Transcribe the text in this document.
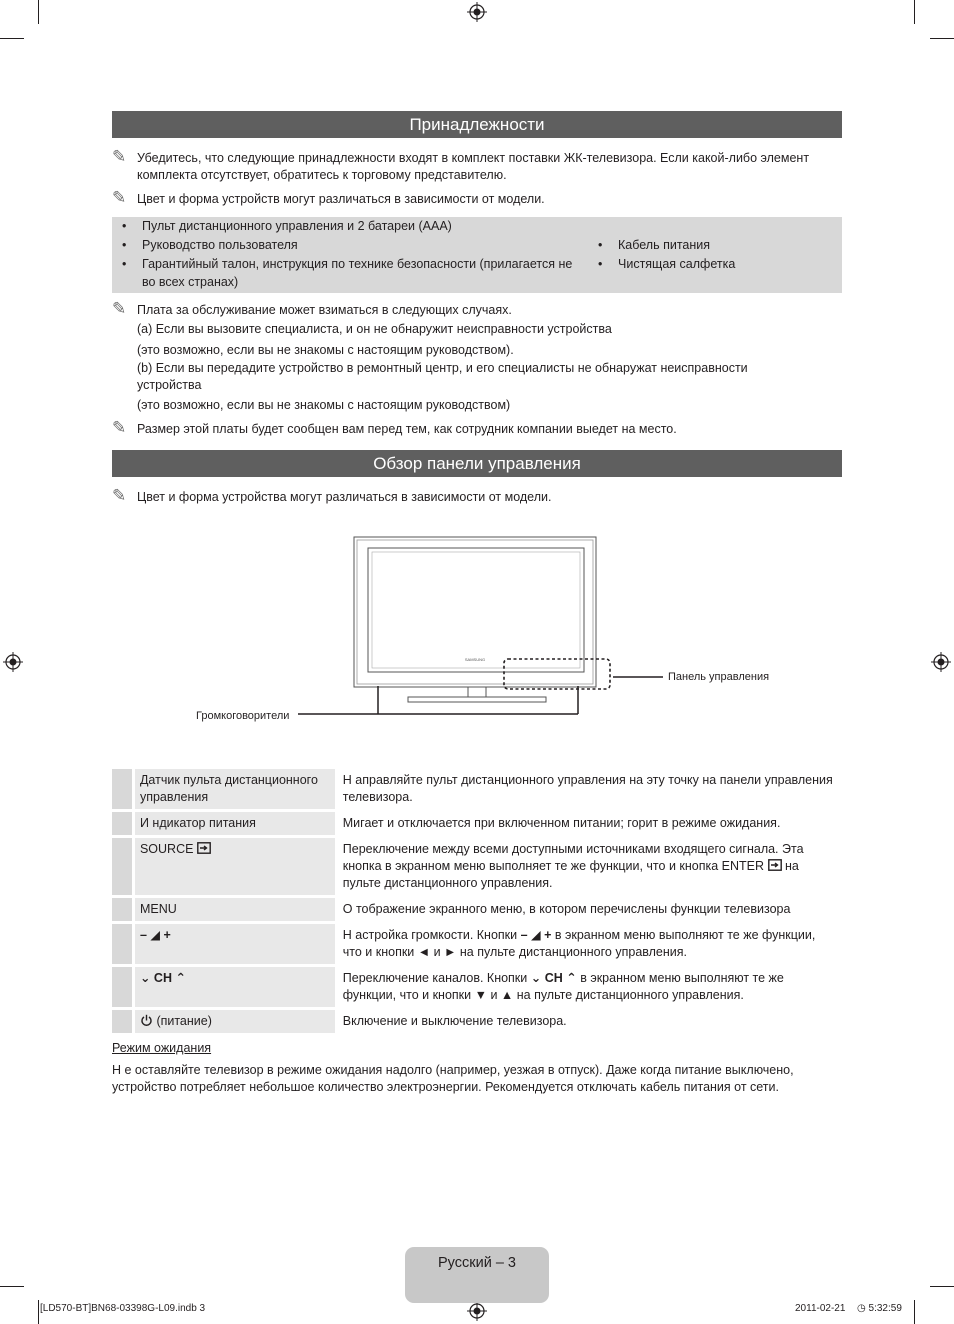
Принадлежности
✎ Убедитесь, что следующие принадлежности входят в комплект поставки ЖК-телевизора. Если какой-либо элемент комплекта отсутствует, обратитесь к торговому представителю.
✎ Цвет и форма устройств могут различаться в зависимости от модели.
• Пульт дистанционного управления и 2 батареи (AAA)
• Руководство пользователя
• Гарантийный талон, инструкция по технике безопасности (прилагается не во всех странах)
• Кабель питания
• Чистящая салфетка
✎ Плата за обслуживание может взиматься в следующих случаях.
(a) Если вы вызовите специалиста, и он не обнаружит неисправности устройства
(это возможно, если вы не знакомы с настоящим руководством).
(b) Если вы передадите устройство в ремонтный центр, и его специалисты не обнаружат неисправности устройства
(это возможно, если вы не знакомы с настоящим руководством)
✎ Размер этой платы будет сообщен вам перед тем, как сотрудник компании выедет на место.
Обзор панели управления
✎ Цвет и форма устройства могут различаться в зависимости от модели.
SAMSUNG
Панель управления
Громкоговорители
	Датчик пульта дистанционного управления	Н аправляйте пульт дистанционного управления на эту точку на панели управления телевизора.
	И ндикатор питания	Мигает и отключается при включенном питании; горит в режиме ожидания.
	SOURCE	Переключение между всеми доступными источниками входящего сигнала. Эта кнопка в экранном меню выполняет те же функции, что и кнопка ENTER  на пульте дистанционного управления.
	MENU	О тображение экранного меню, в котором перечислены функции телевизора
	– ◢ +	Н астройка громкости. Кнопки – ◢ + в экранном меню выполняют те же функции, что и кнопки ◄ и ► на пульте дистанционного управления.
	⌄ CH ⌃	Переключение каналов. Кнопки ⌄ CH ⌃ в экранном меню выполняют те же функции, что и кнопки ▼ и ▲ на пульте дистанционного управления.
	(питание)	Включение и выключение телевизора.
Режим ожидания
Н е оставляйте телевизор в режиме ожидания надолго (например, уезжая в отпуск). Даже когда питание выключено, устройство потребляет небольшое количество электроэнергии. Рекомендуется отключать кабель питания от сети.
Русский – 3
[LD570-BT]BN68-03398G-L09.indb 3	2011-02-21 ◷ 5:32:59
